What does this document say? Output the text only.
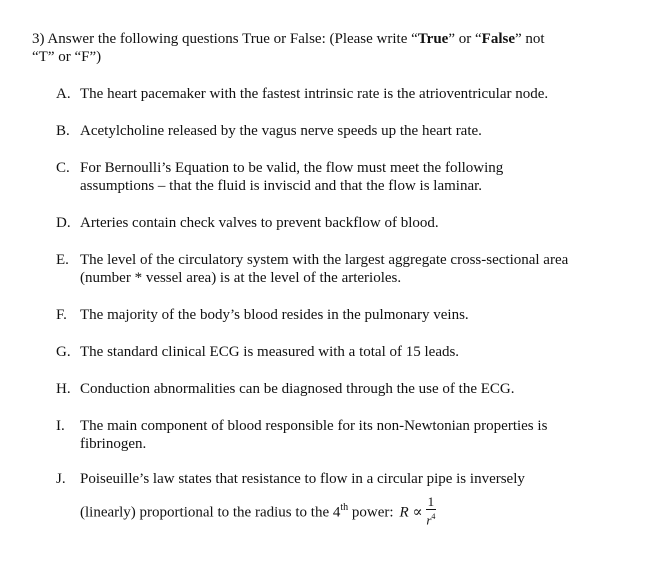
3) Answer the following questions True or False: (Please write “True” or “False” not
“T” or “F”)
A. The heart pacemaker with the fastest intrinsic rate is the atrioventricular node.
B. Acetylcholine released by the vagus nerve speeds up the heart rate.
C. For Bernoulli’s Equation to be valid, the flow must meet the following
assumptions – that the fluid is inviscid and that the flow is laminar.
D. Arteries contain check valves to prevent backflow of blood.
E. The level of the circulatory system with the largest aggregate cross-sectional area
(number * vessel area) is at the level of the arterioles.
F. The majority of the body’s blood resides in the pulmonary veins.
G. The standard clinical ECG is measured with a total of 15 leads.
H. Conduction abnormalities can be diagnosed through the use of the ECG.
I. The main component of blood responsible for its non-Newtonian properties is
fibrinogen.
J. Poiseuille’s law states that resistance to flow in a circular pipe is inversely
(linearly) proportional to the radius to the 4th power: $R \propto \frac{1}{r^4}$
